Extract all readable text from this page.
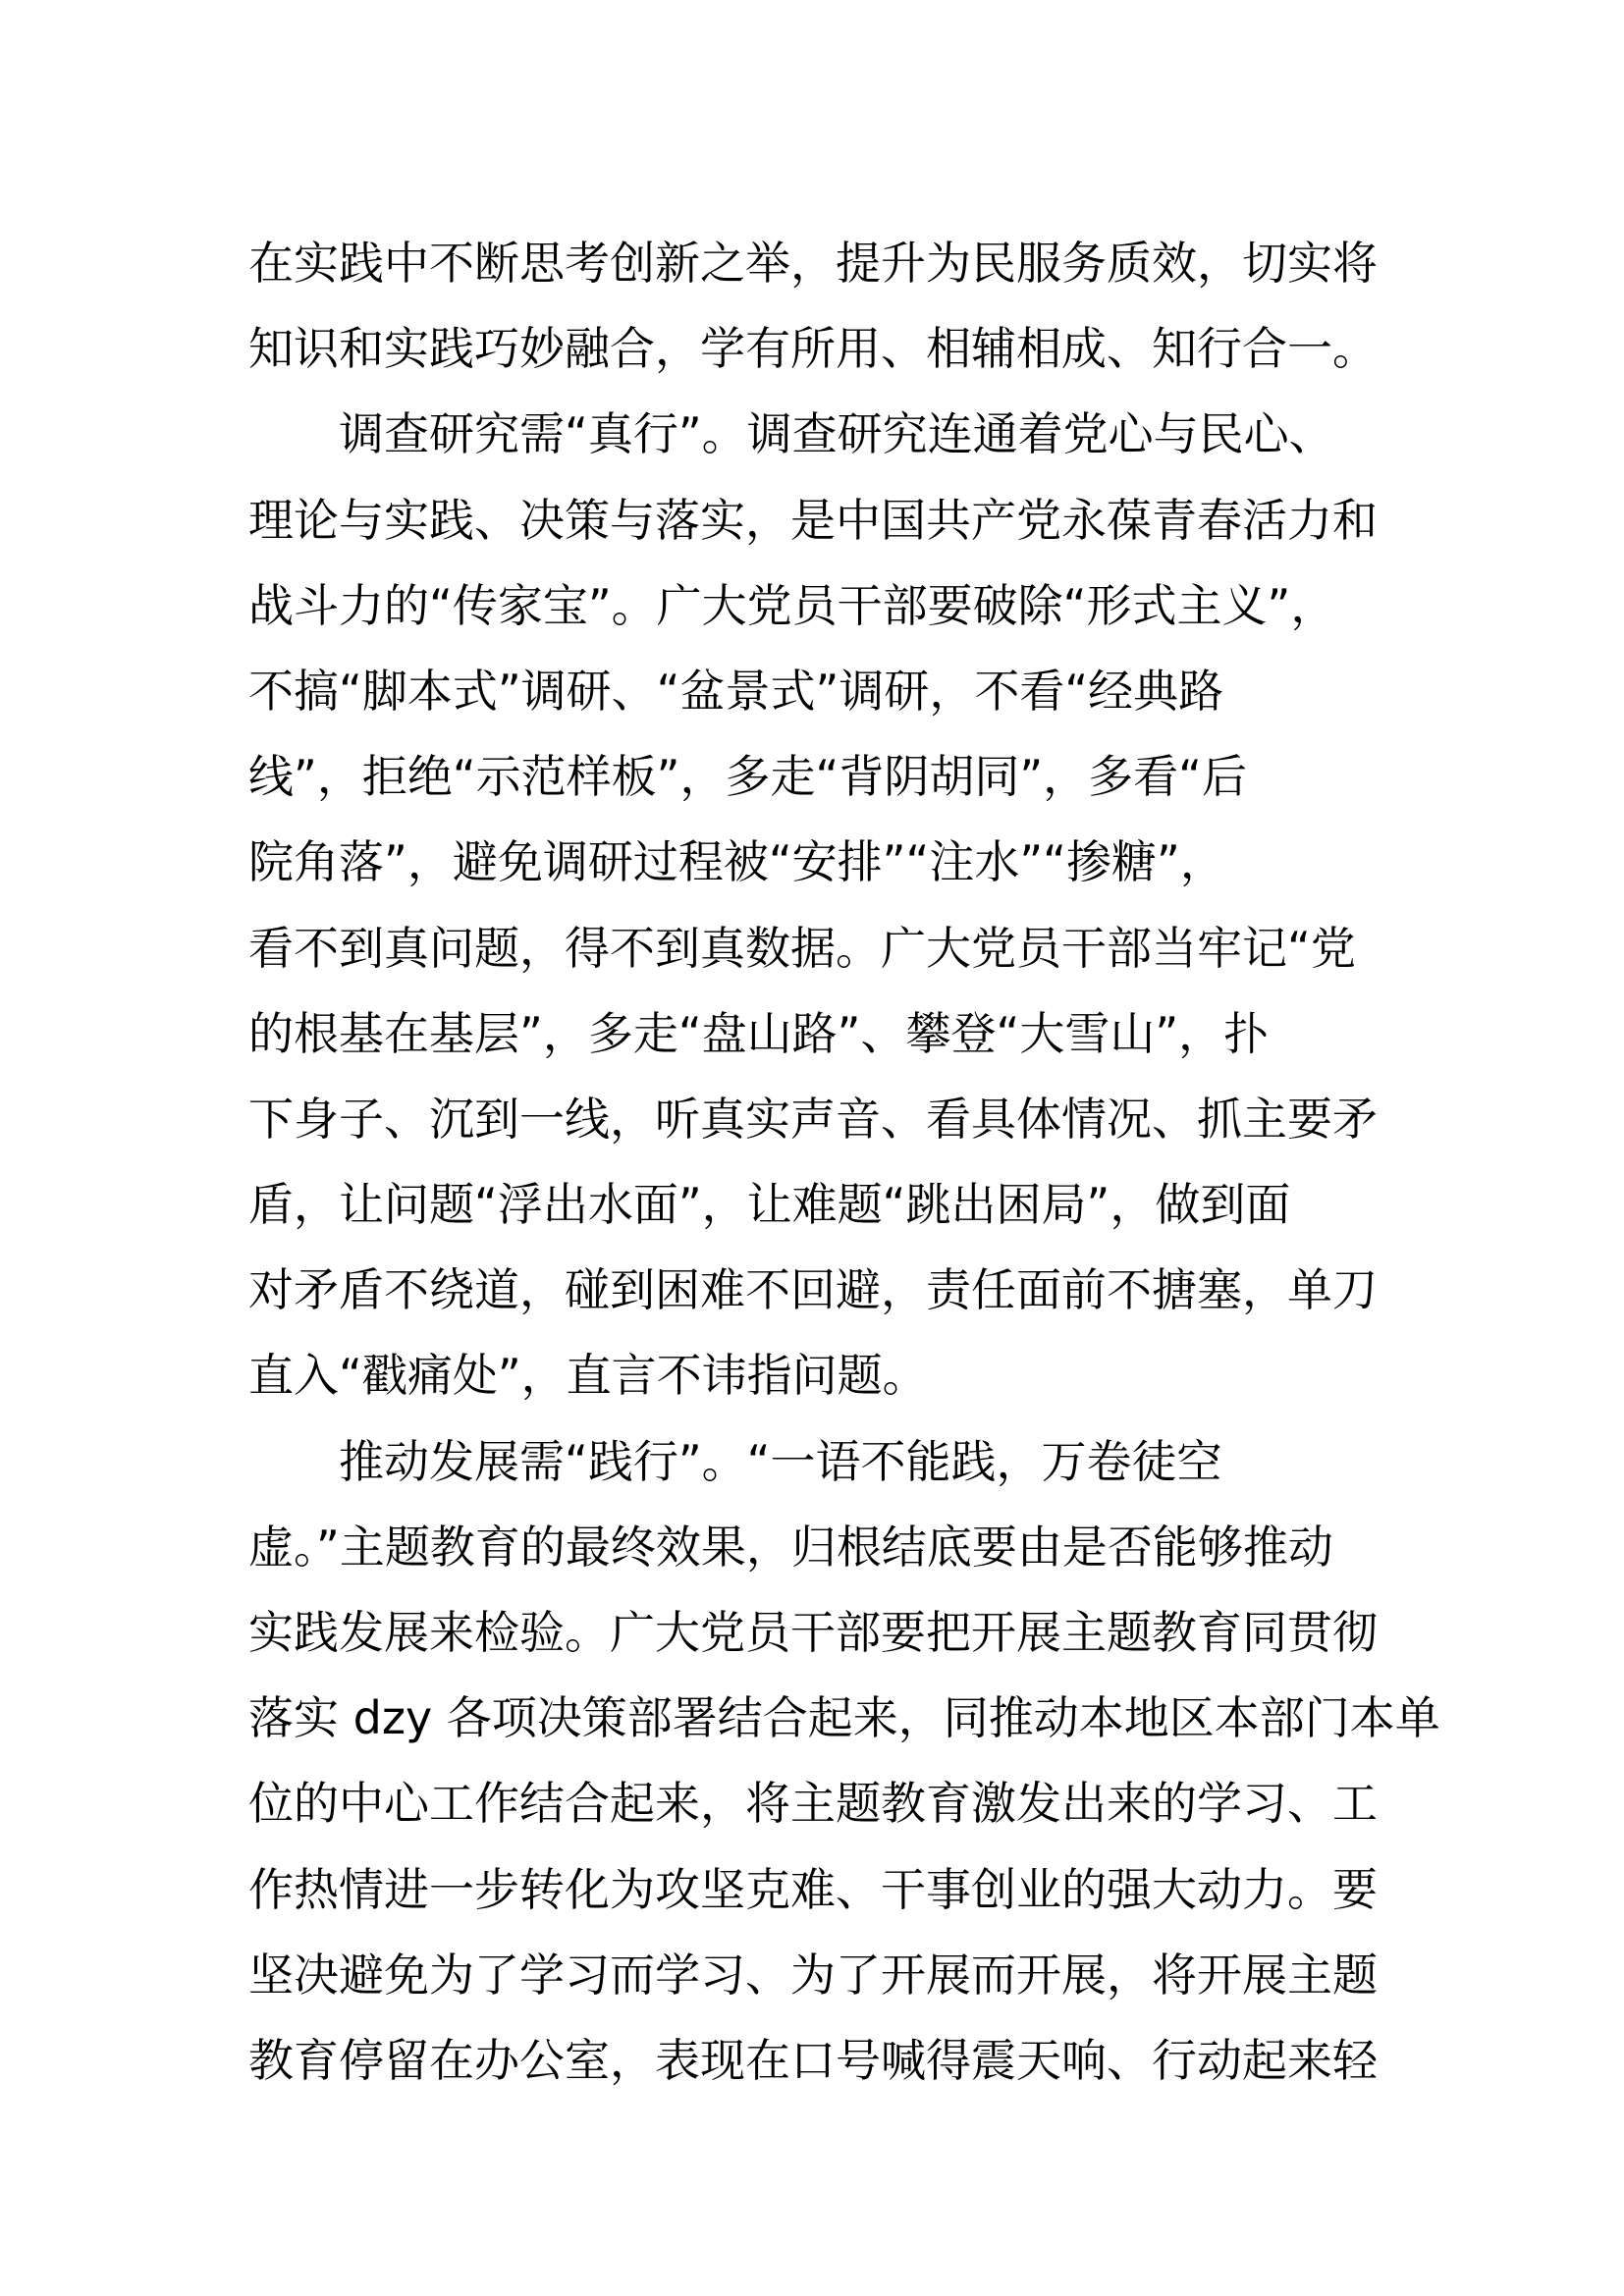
在实践中不断思考创新之举，提升为民服务质效，切实将
知识和实践巧妙融合，学有所用、相辅相成、知行合一。
调查研究需“真行”。调查研究连通着党心与民心、
理论与实践、决策与落实，是中国共产党永葆青春活力和
战斗力的“传家宝”。广大党员干部要破除“形式主义”，
不搞“脚本式”调研、“盆景式”调研，不看“经典路
线”，拒绝“示范样板”，多走“背阴胡同”，多看“后
院角落”，避免调研过程被“安排”“注水”“掺糖”，
看不到真问题，得不到真数据。广大党员干部当牢记“党
的根基在基层”，多走“盘山路”、攀登“大雪山”，扑
下身子、沉到一线，听真实声音、看具体情况、抓主要矛
盾，让问题“浮出水面”，让难题“跳出困局”，做到面
对矛盾不绕道，碰到困难不回避，责任面前不搪塞，单刀
直入“戳痛处”，直言不讳指问题。
推动发展需“践行”。“一语不能践，万卷徒空
虚。”主题教育的最终效果，归根结底要由是否能够推动
实践发展来检验。广大党员干部要把开展主题教育同贯彻
落实 dzy 各项决策部署结合起来，同推动本地区本部门本单
位的中心工作结合起来，将主题教育激发出来的学习、工
作热情进一步转化为攻坚克难、干事创业的强大动力。要
坚决避免为了学习而学习、为了开展而开展，将开展主题
教育停留在办公室，表现在口号喊得震天响、行动起来轻
